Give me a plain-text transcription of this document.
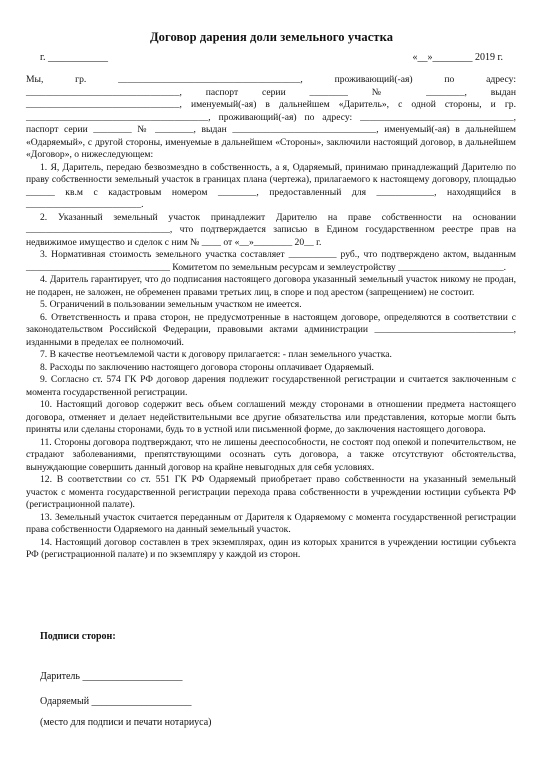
Договор дарения доли земельного участка
г. ____________	«__»________ 2019 г.

Мы, гр. ______________________________________, проживающий(-ая) по адресу: ________________________________, паспорт серии ________ № ________, выдан ________________________________, именуемый(-ая) в дальнейшем «Даритель», с одной стороны, и гр. ______________________________________, проживающий(-ая) по адресу: ________________________________, паспорт серии ________ № ________, выдан ______________________________, именуемый(-ая) в дальнейшем «Одаряемый», с другой стороны, именуемые в дальнейшем «Стороны», заключили настоящий договор, в дальнейшем «Договор», о нижеследующем:

1. Я, Даритель, передаю безвозмездно в собственность, а я, Одаряемый, принимаю принадлежащий Дарителю по праву собственности земельный участок в границах плана (чертежа), прилагаемого к настоящему договору, площадью ______ кв.м с кадастровым номером ________, предоставленный для ____________, находящийся в ________________________.

2. Указанный земельный участок принадлежит Дарителю на праве собственности на основании ______________________________, что подтверждается записью в Едином государственном реестре прав на недвижимое имущество и сделок с ним № ____ от «__»________ 20__ г.

3. Нормативная стоимость земельного участка составляет __________ руб., что подтверждено актом, выданным ______________________________ Комитетом по земельным ресурсам и землеустройству ______________________.

4. Даритель гарантирует, что до подписания настоящего договора указанный земельный участок никому не продан, не подарен, не заложен, не обременен правами третьих лиц, в споре и под арестом (запрещением) не состоит.

5. Ограничений в пользовании земельным участком не имеется.

6. Ответственность и права сторон, не предусмотренные в настоящем договоре, определяются в соответствии с законодательством Российской Федерации, правовыми актами администрации _____________________________, изданными в пределах ее полномочий.

7. В качестве неотъемлемой части к договору прилагается: - план земельного участка.

8. Расходы по заключению настоящего договора стороны оплачивает Одаряемый.

9. Согласно ст. 574 ГК РФ договор дарения подлежит государственной регистрации и считается заключенным с момента государственной регистрации.

10. Настоящий договор содержит весь объем соглашений между сторонами в отношении предмета настоящего договора, отменяет и делает недействительными все другие обязательства или представления, которые могли быть приняты или сделаны сторонами, будь то в устной или письменной форме, до заключения настоящего договора.

11. Стороны договора подтверждают, что не лишены дееспособности, не состоят под опекой и попечительством, не страдают заболеваниями, препятствующими осознать суть договора, а также отсутствуют обстоятельства, вынуждающие совершить данный договор на крайне невыгодных для себя условиях.

12. В соответствии со ст. 551 ГК РФ Одаряемый приобретает право собственности на указанный земельный участок с момента государственной регистрации перехода права собственности в учреждении юстиции субъекта РФ (регистрационной палате).

13. Земельный участок считается переданным от Дарителя к Одаряемому с момента государственной регистрации права собственности Одаряемого на данный земельный участок.

14. Настоящий договор составлен в трех экземплярах, один из которых хранится в учреждении юстиции субъекта РФ (регистрационной палате) и по экземпляру у каждой из сторон.

Подписи сторон:
Даритель ____________________
Одаряемый ____________________
(место для подписи и печати нотариуса)
